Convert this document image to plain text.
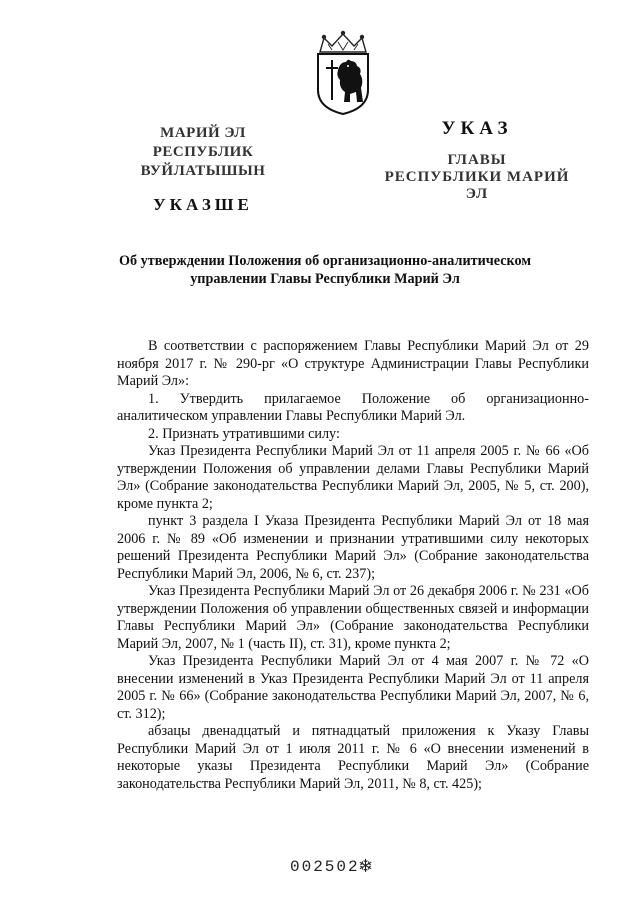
МАРИЙ ЭЛ РЕСПУБЛИК
ВУЙЛАТЫШЫН
УКАЗШЕ
УКАЗ
ГЛАВЫ
РЕСПУБЛИКИ МАРИЙ ЭЛ
Об утверждении Положения об организационно-аналитическом
управлении Главы Республики Марий Эл

В соответствии с распоряжением Главы Республики Марий Эл от 29 ноября 2017 г. № 290-рг «О структуре Администрации Главы Республики Марий Эл»:

1. Утвердить прилагаемое Положение об организационно-аналитическом управлении Главы Республики Марий Эл.

2. Признать утратившими силу:

Указ Президента Республики Марий Эл от 11 апреля 2005 г. № 66 «Об утверждении Положения об управлении делами Главы Республики Марий Эл» (Собрание законодательства Республики Марий Эл, 2005, № 5, ст. 200), кроме пункта 2;

пункт 3 раздела I Указа Президента Республики Марий Эл от 18 мая 2006 г. № 89 «Об изменении и признании утратившими силу некоторых решений Президента Республики Марий Эл» (Собрание законодательства Республики Марий Эл, 2006, № 6, ст. 237);

Указ Президента Республики Марий Эл от 26 декабря 2006 г. № 231 «Об утверждении Положения об управлении общественных связей и информации Главы Республики Марий Эл» (Собрание законодательства Республики Марий Эл, 2007, № 1 (часть II), ст. 31), кроме пункта 2;

Указ Президента Республики Марий Эл от 4 мая 2007 г. № 72 «О внесении изменений в Указ Президента Республики Марий Эл от 11 апреля 2005 г. № 66» (Собрание законодательства Республики Марий Эл, 2007, № 6, ст. 312);

абзацы двенадцатый и пятнадцатый приложения к Указу Главы Республики Марий Эл от 1 июля 2011 г. № 6 «О внесении изменений в некоторые указы Президента Республики Марий Эл» (Собрание законодательства Республики Марий Эл, 2011, № 8, ст. 425);

002502
❄
